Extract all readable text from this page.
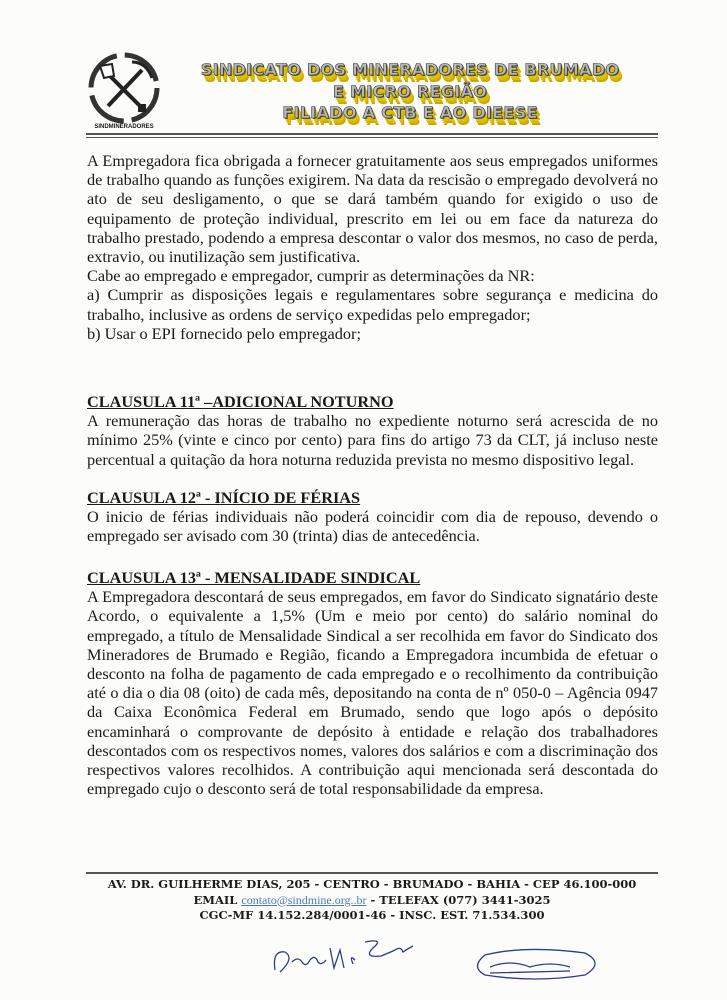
SINDMINERADORES
SINDICATO DOS MINERADORES DE BRUMADO
E MICRO REGIÃO
FILIADO A CTB E AO DIEESE

A Empregadora fica obrigada a fornecer gratuitamente aos seus empregados uniformes de trabalho quando as funções exigirem. Na data da rescisão o empregado devolverá no ato de seu desligamento, o que se dará também quando for exigido o uso de equipamento de proteção individual, prescrito em lei ou em face da natureza do trabalho prestado, podendo a empresa descontar o valor dos mesmos, no caso de perda, extravio, ou inutilização sem justificativa.

Cabe ao empregado e empregador, cumprir as determinações da NR:

a) Cumprir as disposições legais e regulamentares sobre segurança e medicina do trabalho, inclusive as ordens de serviço expedidas pelo empregador;

b) Usar o EPI fornecido pelo empregador;

CLAUSULA 11ª –ADICIONAL NOTURNO

A remuneração das horas de trabalho no expediente noturno será acrescida de no mínimo 25% (vinte e cinco por cento) para fins do artigo 73 da CLT, já incluso neste percentual a quitação da hora noturna reduzida prevista no mesmo dispositivo legal.

CLAUSULA 12ª - INÍCIO DE FÉRIAS

O inicio de férias individuais não poderá coincidir com dia de repouso, devendo o empregado ser avisado com 30 (trinta) dias de antecedência.

CLAUSULA 13ª - MENSALIDADE SINDICAL

A Empregadora descontará de seus empregados, em favor do Sindicato signatário deste Acordo, o equivalente a 1,5% (Um e meio por cento) do salário nominal do empregado, a título de Mensalidade Sindical a ser recolhida em favor do Sindicato dos Mineradores de Brumado e Região, ficando a Empregadora incumbida de efetuar o desconto na folha de pagamento de cada empregado e o recolhimento da contribuição até o dia o dia 08 (oito) de cada mês, depositando na conta de nº 050-0 – Agência 0947 da Caixa Econômica Federal em Brumado, sendo que logo após o depósito encaminhará o comprovante de depósito à entidade e relação dos trabalhadores descontados com os respectivos nomes, valores dos salários e com a discriminação dos respectivos valores recolhidos. A contribuição aqui mencionada será descontada do empregado cujo o desconto será de total responsabilidade da empresa.

AV. DR. GUILHERME DIAS, 205 - CENTRO - BRUMADO - BAHIA - CEP 46.100-000
EMAIL contato@sindmine.org..br - TELEFAX (077) 3441-3025
CGC-MF 14.152.284/0001-46 - INSC. EST. 71.534.300
